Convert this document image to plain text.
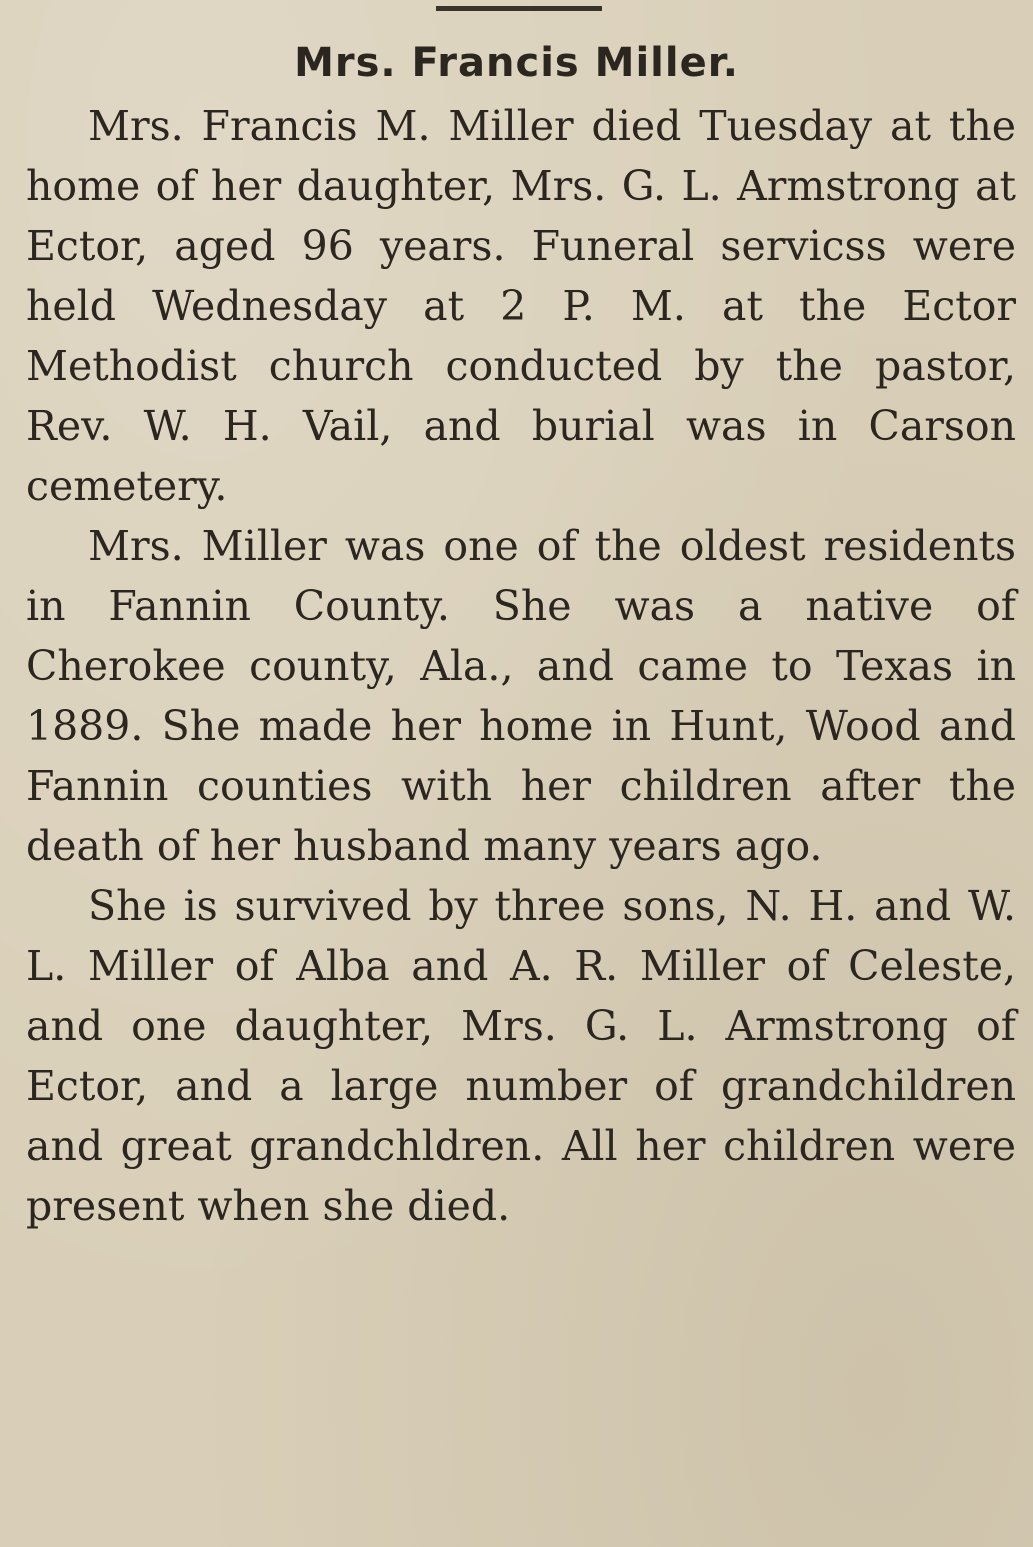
Mrs. Francis Miller.

Mrs. Francis M. Miller died Tuesday at the home of her daughter, Mrs. G. L. Armstrong at Ector, aged 96 years. Funeral servicss were held Wednesday at 2 P. M. at the Ector Methodist church conducted by the pastor, Rev. W. H. Vail, and burial was in Carson cemetery.

Mrs. Miller was one of the oldest residents in Fannin County. She was a native of Cherokee county, Ala., and came to Texas in 1889. She made her home in Hunt, Wood and Fannin counties with her children after the death of her husband many years ago.

She is survived by three sons, N. H. and W. L. Miller of Alba and A. R. Miller of Celeste, and one daughter, Mrs. G. L. Armstrong of Ector, and a large number of grandchildren and great grandchldren. All her children were present when she died.
